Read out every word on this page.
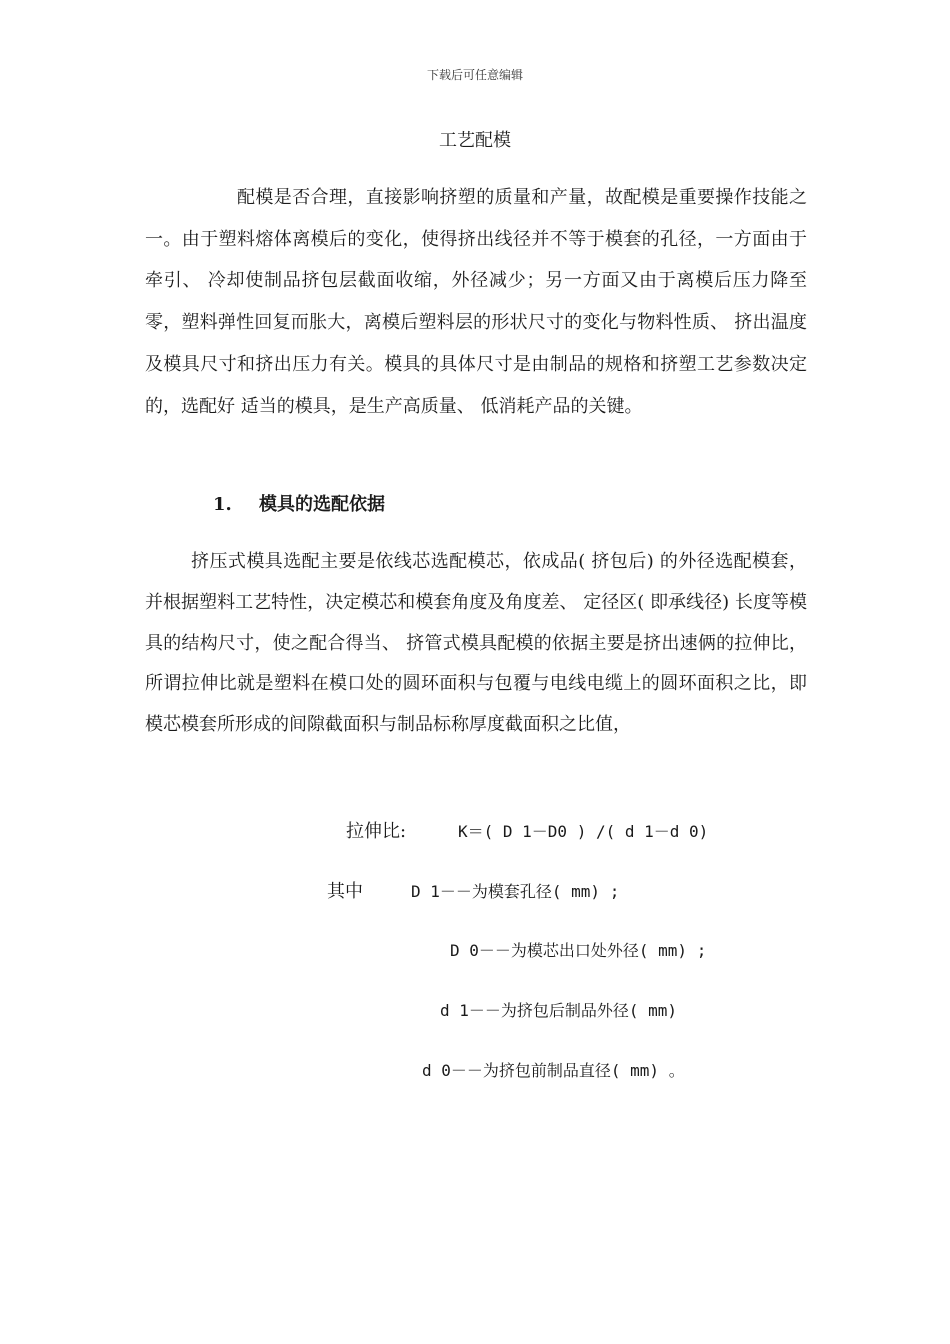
下载后可任意编辑
工艺配模

配模是否合理，直接影响挤塑的质量和产量，故配模是重要操作技能之一。由于塑料熔体离模后的变化，使得挤出线径并不等于模套的孔径，一方面由于牵引、 冷却使制品挤包层截面收缩，外径减少；另一方面又由于离模后压力降至零，塑料弹性回复而胀大，离模后塑料层的形状尺寸的变化与物料性质、 挤出温度及模具尺寸和挤出压力有关。模具的具体尺寸是由制品的规格和挤塑工艺参数决定的，选配好 适当的模具，是生产高质量、 低消耗产品的关键。

1. 模具的选配依据

挤压式模具选配主要是依线芯选配模芯，依成品( 挤包后) 的外径选配模套，并根据塑料工艺特性，决定模芯和模套角度及角度差、 定径区( 即承线径) 长度等模具的结构尺寸，使之配合得当、 挤管式模具配模的依据主要是挤出速俩的拉伸比，所谓拉伸比就是塑料在模口处的圆环面积与包覆与电线电缆上的圆环面积之比，即模芯模套所形成的间隙截面积与制品标称厚度截面积之比值，

拉伸比:	K＝( D 1－D0 ) /( d 1－d 0)

其中	D 1－－为模套孔径( mm) ;

D 0－－为模芯出口处外径( mm) ;

d 1－－为挤包后制品外径( mm)

d 0－－为挤包前制品直径( mm) 。
